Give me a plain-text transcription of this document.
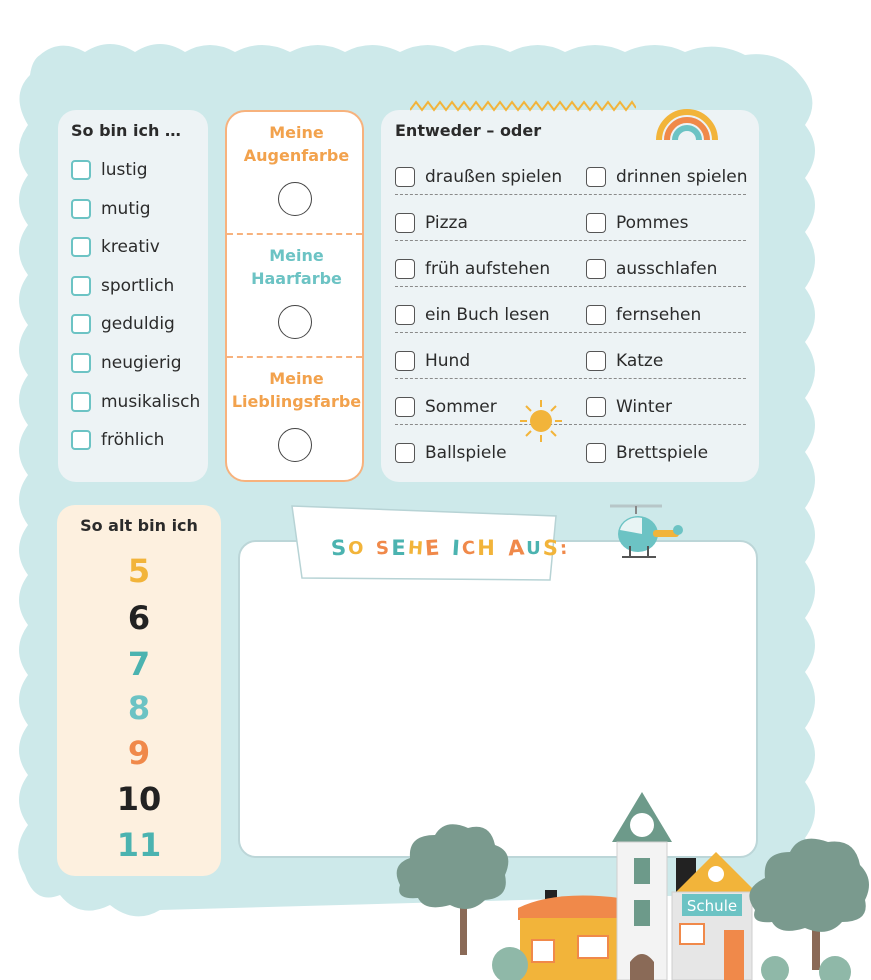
So bin ich …
lustig
mutig
kreativ
sportlich
geduldig
neugierig
musikalisch
fröhlich
Meine
Augenfarbe
Meine
Haarfarbe
Meine
Lieblingsfarbe
Entweder – oder
draußen spielen	drinnen spielen
Pizza	Pommes
früh aufstehen	ausschlafen
ein Buch lesen	fernsehen
Hund	Katze
Sommer	Winter
Ballspiele	Brettspiele
So alt bin ich
5
6
7
8
9
10
11
S O S E H E I C H A U S :
Schule
